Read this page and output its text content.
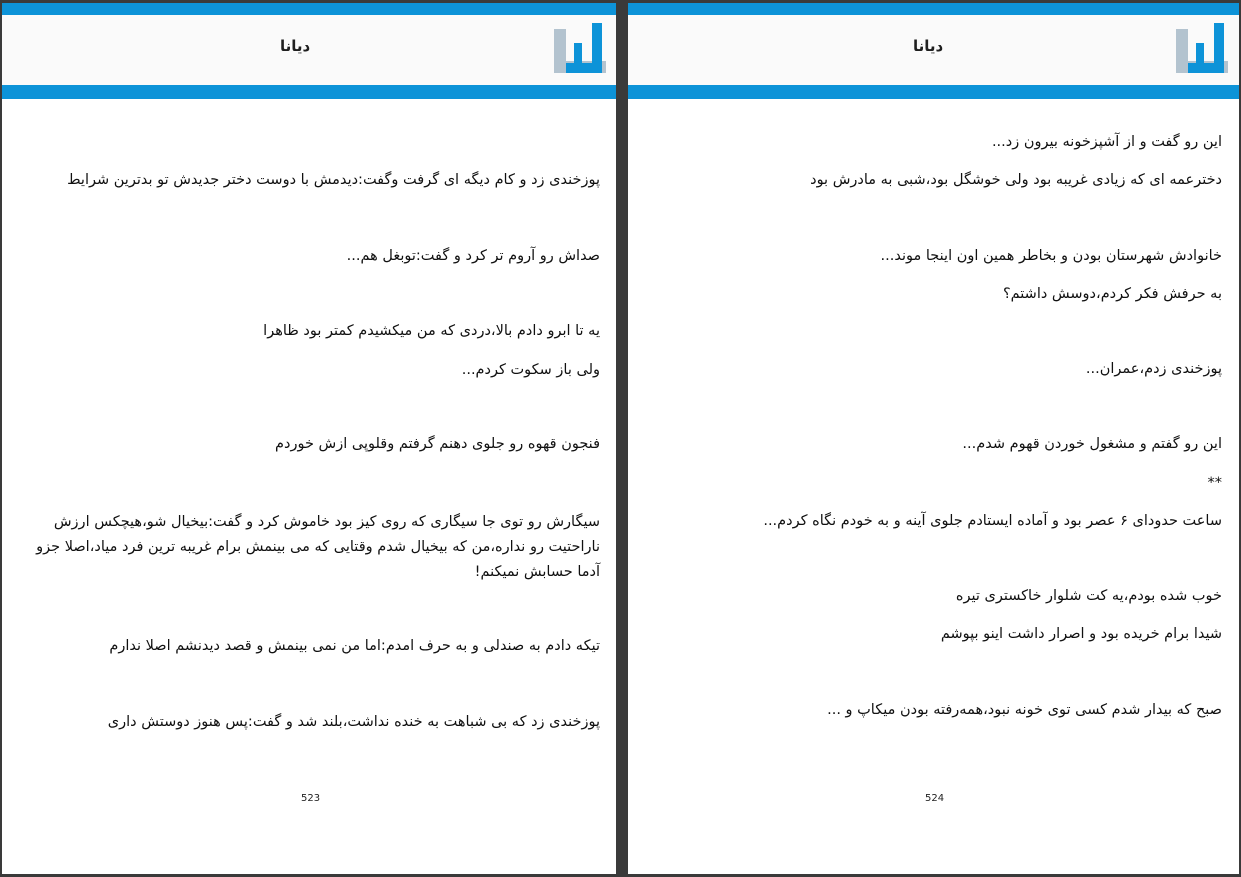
دیانا
پوزخندی زد و کام دیگه ای گرفت وگفت:دیدمش با دوست دختر جدیدش تو بدترین شرایط
صداش رو آروم تر کرد و گفت:توبغل هم...
یه تا ابرو دادم بالا،دردی که من میکشیدم کمتر بود ظاهرا
ولی باز سکوت کردم...
فنجون قهوه رو جلوی دهنم گرفتم وقلوپی ازش خوردم
سیگارش رو توی جا سیگاری که روی کیز بود خاموش کرد و گفت:بیخیال شو،هیچکس ارزش ناراحتیت رو نداره،من که بیخیال شدم وقتایی که می بینمش برام غریبه ترین فرد میاد،اصلا جزو آدما حسابش نمیکنم!
تیکه دادم به صندلی و به حرف امدم:اما من نمی بینمش و قصد دیدنشم اصلا ندارم
پوزخندی زد که بی شباهت به خنده نداشت،بلند شد و گفت:پس هنوز دوستش داری
523
دیانا
این رو گفت و از آشپزخونه بیرون زد...
دخترعمه ای که زیادی غریبه بود ولی خوشگل بود،شبی به مادرش بود
خانوادش شهرستان بودن و بخاطر همین اون اینجا موند...
به حرفش فکر کردم،دوسش داشتم؟
پوزخندی زدم،عمران...
این رو گفتم و مشغول خوردن قهوم شدم...
**
ساعت حدودای ۶ عصر بود و آماده ایستادم جلوی آینه و به خودم نگاه کردم...
خوب شده بودم،یه کت شلوار خاکستری تیره
شیدا برام خریده بود و اصرار داشت اینو بپوشم
صبح که بیدار شدم کسی توی خونه نبود،همه‌رفته بودن میکاپ و ...
524
